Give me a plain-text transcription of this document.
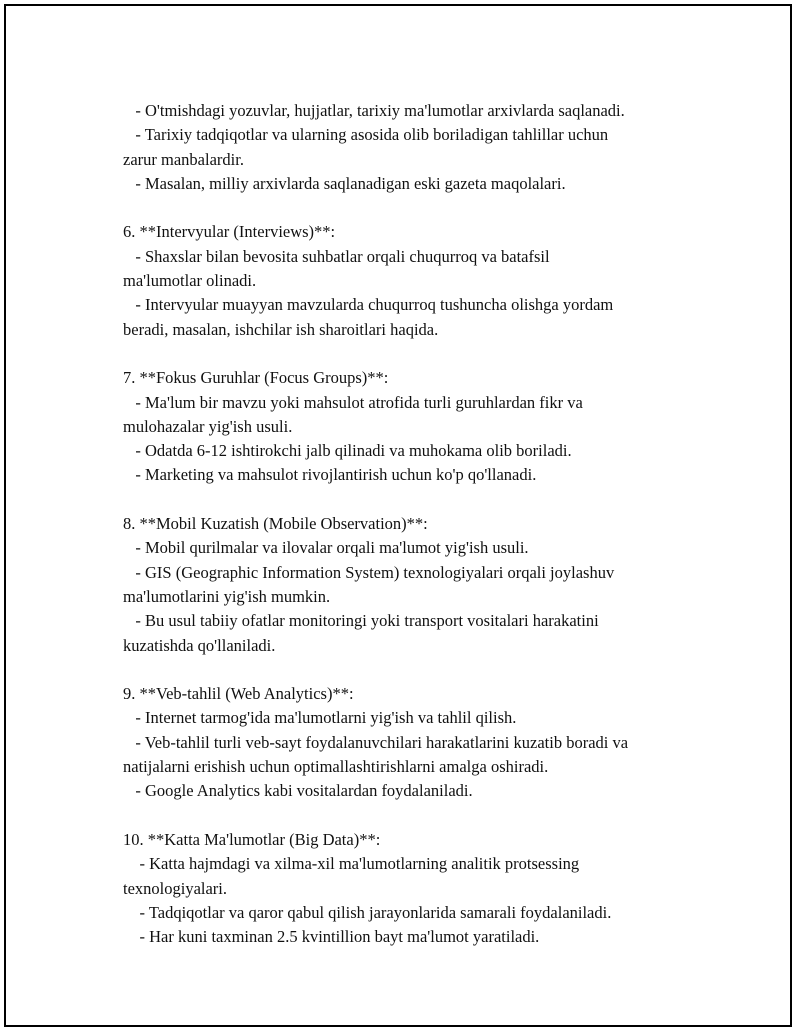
- O'tmishdagi yozuvlar, hujjatlar, tarixiy ma'lumotlar arxivlarda saqlanadi.
- Tarixiy tadqiqotlar va ularning asosida olib boriladigan tahlillar uchun
zarur manbalardir.
- Masalan, milliy arxivlarda saqlanadigan eski gazeta maqolalari.
6. **Intervyular (Interviews)**:
- Shaxslar bilan bevosita suhbatlar orqali chuqurroq va batafsil
ma'lumotlar olinadi.
- Intervyular muayyan mavzularda chuqurroq tushuncha olishga yordam
beradi, masalan, ishchilar ish sharoitlari haqida.
7. **Fokus Guruhlar (Focus Groups)**:
- Ma'lum bir mavzu yoki mahsulot atrofida turli guruhlardan fikr va
mulohazalar yig'ish usuli.
- Odatda 6-12 ishtirokchi jalb qilinadi va muhokama olib boriladi.
- Marketing va mahsulot rivojlantirish uchun ko'p qo'llanadi.
8. **Mobil Kuzatish (Mobile Observation)**:
- Mobil qurilmalar va ilovalar orqali ma'lumot yig'ish usuli.
- GIS (Geographic Information System) texnologiyalari orqali joylashuv
ma'lumotlarini yig'ish mumkin.
- Bu usul tabiiy ofatlar monitoringi yoki transport vositalari harakatini
kuzatishda qo'llaniladi.
9. **Veb-tahlil (Web Analytics)**:
- Internet tarmog'ida ma'lumotlarni yig'ish va tahlil qilish.
- Veb-tahlil turli veb-sayt foydalanuvchilari harakatlarini kuzatib boradi va
natijalarni erishish uchun optimallashtirishlarni amalga oshiradi.
- Google Analytics kabi vositalardan foydalaniladi.
10. **Katta Ma'lumotlar (Big Data)**:
- Katta hajmdagi va xilma-xil ma'lumotlarning analitik protsessing
texnologiyalari.
- Tadqiqotlar va qaror qabul qilish jarayonlarida samarali foydalaniladi.
- Har kuni taxminan 2.5 kvintillion bayt ma'lumot yaratiladi.
